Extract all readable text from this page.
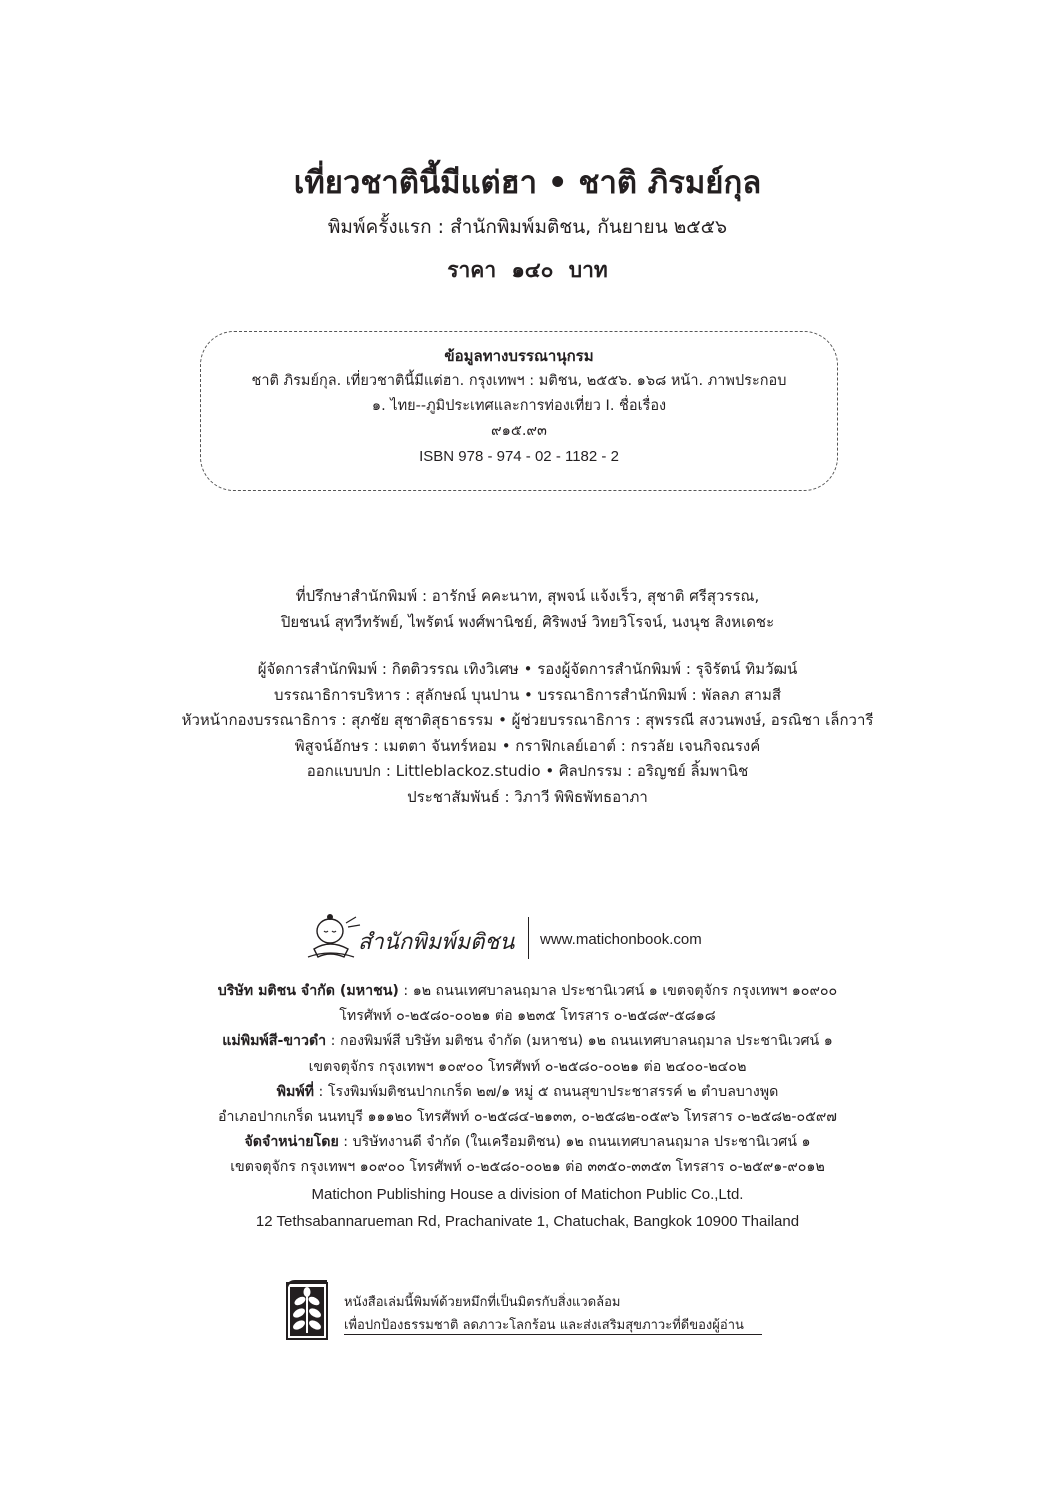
เที่ยวชาตินี้มีแต่ฮา • ชาติ ภิรมย์กุล
พิมพ์ครั้งแรก : สำนักพิมพ์มติชน, กันยายน ๒๕๕๖
ราคา ๑๔๐ บาท
ข้อมูลทางบรรณานุกรม
ชาติ ภิรมย์กุล. เที่ยวชาตินี้มีแต่ฮา. กรุงเทพฯ : มติชน, ๒๕๕๖. ๑๖๘ หน้า. ภาพประกอบ
๑. ไทย--ภูมิประเทศและการท่องเที่ยว I. ชื่อเรื่อง
๙๑๕.๙๓
ISBN 978 - 974 - 02 - 1182 - 2
ที่ปรึกษาสำนักพิมพ์ : อารักษ์ คคะนาท, สุพจน์ แจ้งเร็ว, สุชาติ ศรีสุวรรณ,
ปิยชนน์ สุทวีทรัพย์, ไพรัตน์ พงศ์พานิชย์, ศิริพงษ์ วิทยวิโรจน์, นงนุช สิงหเดชะ
ผู้จัดการสำนักพิมพ์ : กิตติวรรณ เทิงวิเศษ • รองผู้จัดการสำนักพิมพ์ : รุจิรัตน์ ทิมวัฒน์
บรรณาธิการบริหาร : สุลักษณ์ บุนปาน • บรรณาธิการสำนักพิมพ์ : พัลลภ สามสี
หัวหน้ากองบรรณาธิการ : สุภชัย สุชาติสุธาธรรม • ผู้ช่วยบรรณาธิการ : สุพรรณี สงวนพงษ์, อรณิชา เล็กวารี
พิสูจน์อักษร : เมตตา จันทร์หอม • กราฟิกเลย์เอาต์ : กรวลัย เจนกิจณรงค์
ออกแบบปก : Littleblackoz.studio • ศิลปกรรม : อริญชย์ ลิ้มพานิช
ประชาสัมพันธ์ : วิภาวี พิพิธพัทธอาภา
สำนักพิมพ์มติชน www.matichonbook.com
บริษัท มติชน จำกัด (มหาชน) : ๑๒ ถนนเทศบาลนฤมาล ประชานิเวศน์ ๑ เขตจตุจักร กรุงเทพฯ ๑๐๙๐๐
โทรศัพท์ ๐-๒๕๘๐-๐๐๒๑ ต่อ ๑๒๓๕ โทรสาร ๐-๒๕๘๙-๕๘๑๘
แม่พิมพ์สี-ขาวดำ : กองพิมพ์สี บริษัท มติชน จำกัด (มหาชน) ๑๒ ถนนเทศบาลนฤมาล ประชานิเวศน์ ๑
เขตจตุจักร กรุงเทพฯ ๑๐๙๐๐ โทรศัพท์ ๐-๒๕๘๐-๐๐๒๑ ต่อ ๒๔๐๐-๒๔๐๒
พิมพ์ที่ : โรงพิมพ์มติชนปากเกร็ด ๒๗/๑ หมู่ ๕ ถนนสุขาประชาสรรค์ ๒ ตำบลบางพูด
อำเภอปากเกร็ด นนทบุรี ๑๑๑๒๐ โทรศัพท์ ๐-๒๕๘๔-๒๑๓๓, ๐-๒๕๘๒-๐๕๙๖ โทรสาร ๐-๒๕๘๒-๐๕๙๗
จัดจำหน่ายโดย : บริษัทงานดี จำกัด (ในเครือมติชน) ๑๒ ถนนเทศบาลนฤมาล ประชานิเวศน์ ๑
เขตจตุจักร กรุงเทพฯ ๑๐๙๐๐ โทรศัพท์ ๐-๒๕๘๐-๐๐๒๑ ต่อ ๓๓๕๐-๓๓๕๓ โทรสาร ๐-๒๕๙๑-๙๐๑๒
Matichon Publishing House a division of Matichon Public Co.,Ltd.
12 Tethsabannarueman Rd, Prachanivate 1, Chatuchak, Bangkok 10900 Thailand
หนังสือเล่มนี้พิมพ์ด้วยหมึกที่เป็นมิตรกับสิ่งแวดล้อม
เพื่อปกป้องธรรมชาติ ลดภาวะโลกร้อน และส่งเสริมสุขภาวะที่ดีของผู้อ่าน
